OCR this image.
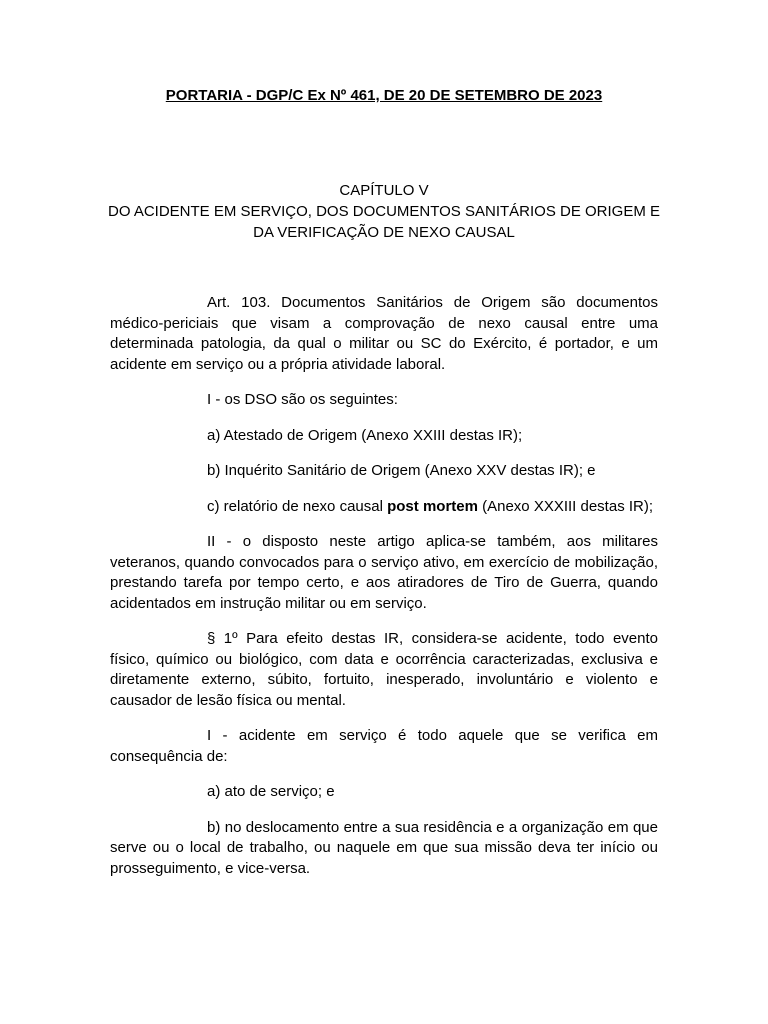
PORTARIA - DGP/C Ex Nº 461, DE 20 DE SETEMBRO DE 2023
CAPÍTULO V
DO ACIDENTE EM SERVIÇO, DOS DOCUMENTOS SANITÁRIOS DE ORIGEM E
DA VERIFICAÇÃO DE NEXO CAUSAL

Art. 103. Documentos Sanitários de Origem são documentos médico-periciais que visam a comprovação de nexo causal entre uma determinada patologia, da qual o militar ou SC do Exército, é portador, e um acidente em serviço ou a própria atividade laboral.

I - os DSO são os seguintes:

a) Atestado de Origem (Anexo XXIII destas IR);

b) Inquérito Sanitário de Origem (Anexo XXV destas IR); e

c) relatório de nexo causal post mortem (Anexo XXXIII destas IR);

II - o disposto neste artigo aplica-se também, aos militares veteranos, quando convocados para o serviço ativo, em exercício de mobilização, prestando tarefa por tempo certo, e aos atiradores de Tiro de Guerra, quando acidentados em instrução militar ou em serviço.

§ 1º Para efeito destas IR, considera-se acidente, todo evento físico, químico ou biológico, com data e ocorrência caracterizadas, exclusiva e diretamente externo, súbito, fortuito, inesperado, involuntário e violento e causador de lesão física ou mental.

I - acidente em serviço é todo aquele que se verifica em consequência de:

a) ato de serviço; e

b) no deslocamento entre a sua residência e a organização em que serve ou o local de trabalho, ou naquele em que sua missão deva ter início ou prosseguimento, e vice-versa.
